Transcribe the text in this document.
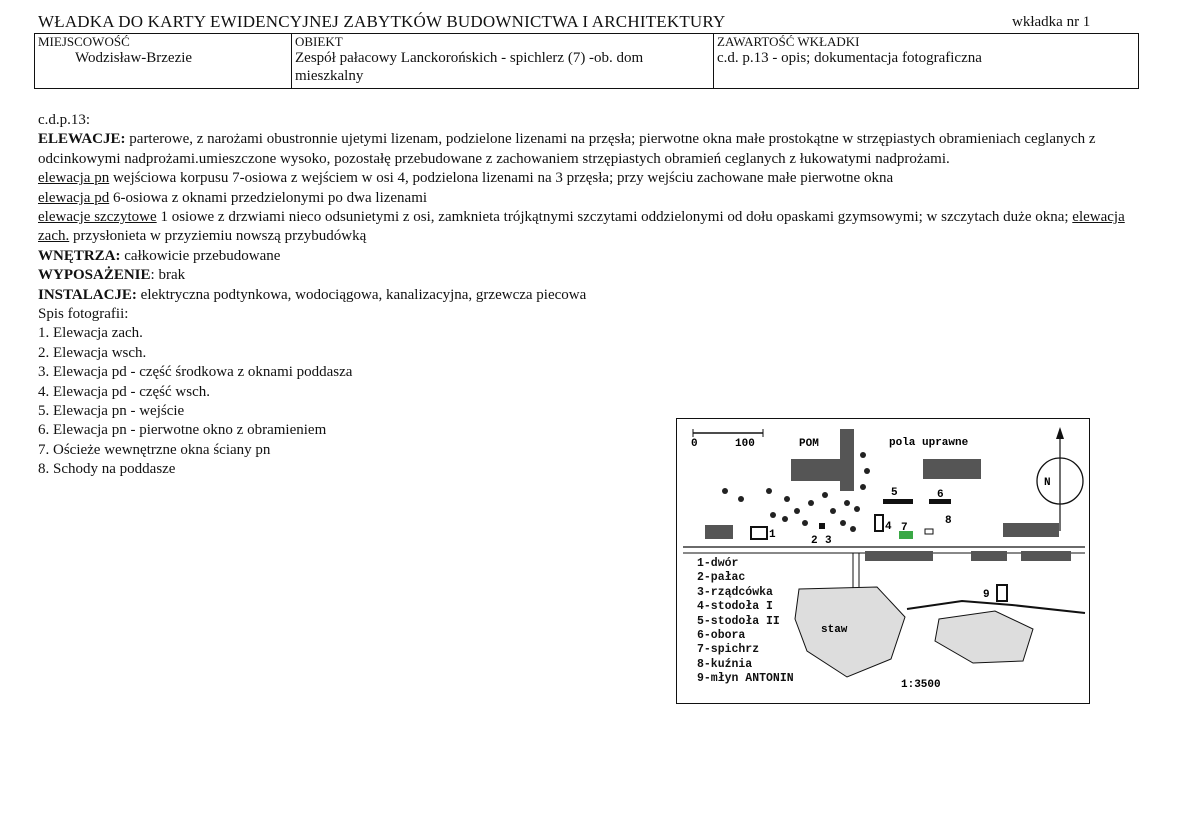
WŁADKA DO KARTY EWIDENCYJNEJ ZABYTKÓW BUDOWNICTWA I ARCHITEKTURY	wkładka nr 1
MIEJSCOWOŚĆ
Wodzisław-Brzezie

OBIEKT
Zespół pałacowy Lanckorońskich - spichlerz (7) -ob. dom mieszkalny

ZAWARTOŚĆ WKŁADKI
c.d. p.13 - opis; dokumentacja fotograficzna

c.d.p.13:

ELEWACJE: parterowe, z narożami obustronnie ujetymi lizenam, podzielone lizenami na przęsła; pierwotne okna małe prostokątne w strzępiastych obramieniach ceglanych z odcinkowymi nadprożami.umieszczone wysoko, pozostałę przebudowane z zachowaniem strzępiastych obramień ceglanych z łukowatymi nadprożami.

elewacja pn wejściowa korpusu 7-osiowa z wejściem w osi 4, podzielona lizenami na 3 przęsła; przy wejściu zachowane małe pierwotne okna

elewacja pd 6-osiowa z oknami przedzielonymi po dwa lizenami

elewacje szczytowe 1 osiowe z drzwiami nieco odsunietymi z osi, zamknieta trójkątnymi szczytami oddzielonymi od dołu opaskami gzymsowymi; w szczytach duże okna; elewacja zach. przysłonieta w przyziemiu nowszą przybudówką

WNĘTRZA: całkowicie przebudowane

WYPOSAŻENIE: brak

INSTALACJE: elektryczna podtynkowa, wodociągowa, kanalizacyjna, grzewcza piecowa

Spis fotografii:
1. Elewacja zach.
2. Elewacja wsch.
3. Elewacja pd - część środkowa z oknami poddasza
4. Elewacja pd - część wsch.
5. Elewacja pn - wejście
6. Elewacja pn - pierwotne okno z obramieniem
7. Ościeże wewnętrzne okna ściany pn
8. Schody na poddasze
0	100	POM	pola uprawne
N
staw
1:3500
1	2 3
4
5	6
7
8
9
1-dwór
2-pałac
3-rządcówka
4-stodoła I
5-stodoła II
6-obora
7-spichrz
8-kuźnia
9-młyn ANTONIN
